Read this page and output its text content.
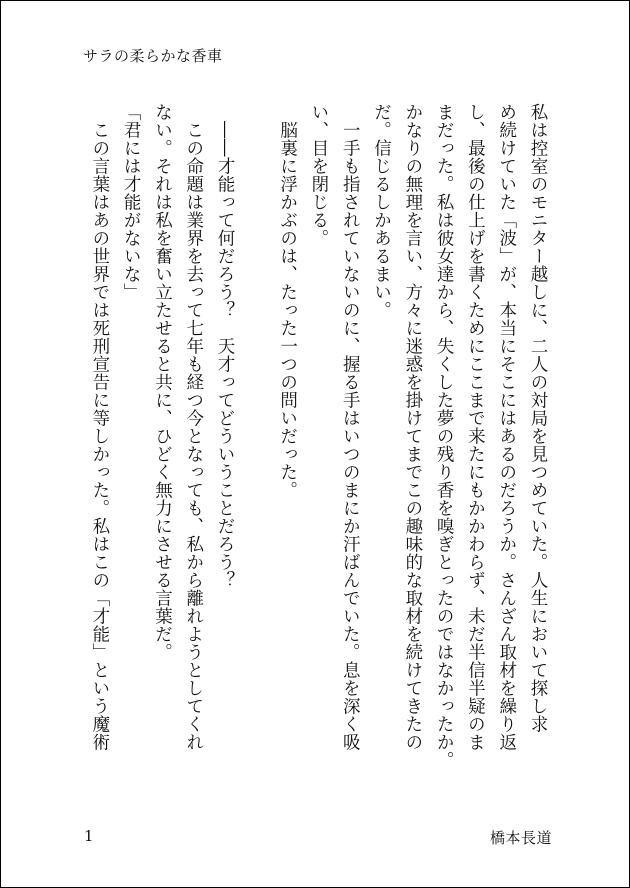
サラの柔らかな香車

私は控室のモニター越しに、二人の対局を見つめていた。人生において探し求

め続けていた「波」が、本当にそこにはあるのだろうか。さんざん取材を繰り返

し、最後の仕上げを書くためにここまで来たにもかかわらず、未だ半信半疑のま

まだった。私は彼女達から、失くした夢の残り香を嗅ぎとったのではなかったか。

かなりの無理を言い、方々に迷惑を掛けてまでこの趣味的な取材を続けてきたの

だ。信じるしかあるまい。

　一手も指されていないのに、握る手はいつのまにか汗ばんでいた。息を深く吸

い、目を閉じる。

　脳裏に浮かぶのは、たった一つの問いだった。

　――才能って何だろう？　天才ってどういうことだろう？

　この命題は業界を去って七年も経つ今となっても、私から離れようとしてくれ

ない。それは私を奮い立たせると共に、ひどく無力にさせる言葉だ。

「君には才能がないな」

　この言葉はあの世界では死刑宣告に等しかった。私はこの「才能」という魔術

1	橋本長道
